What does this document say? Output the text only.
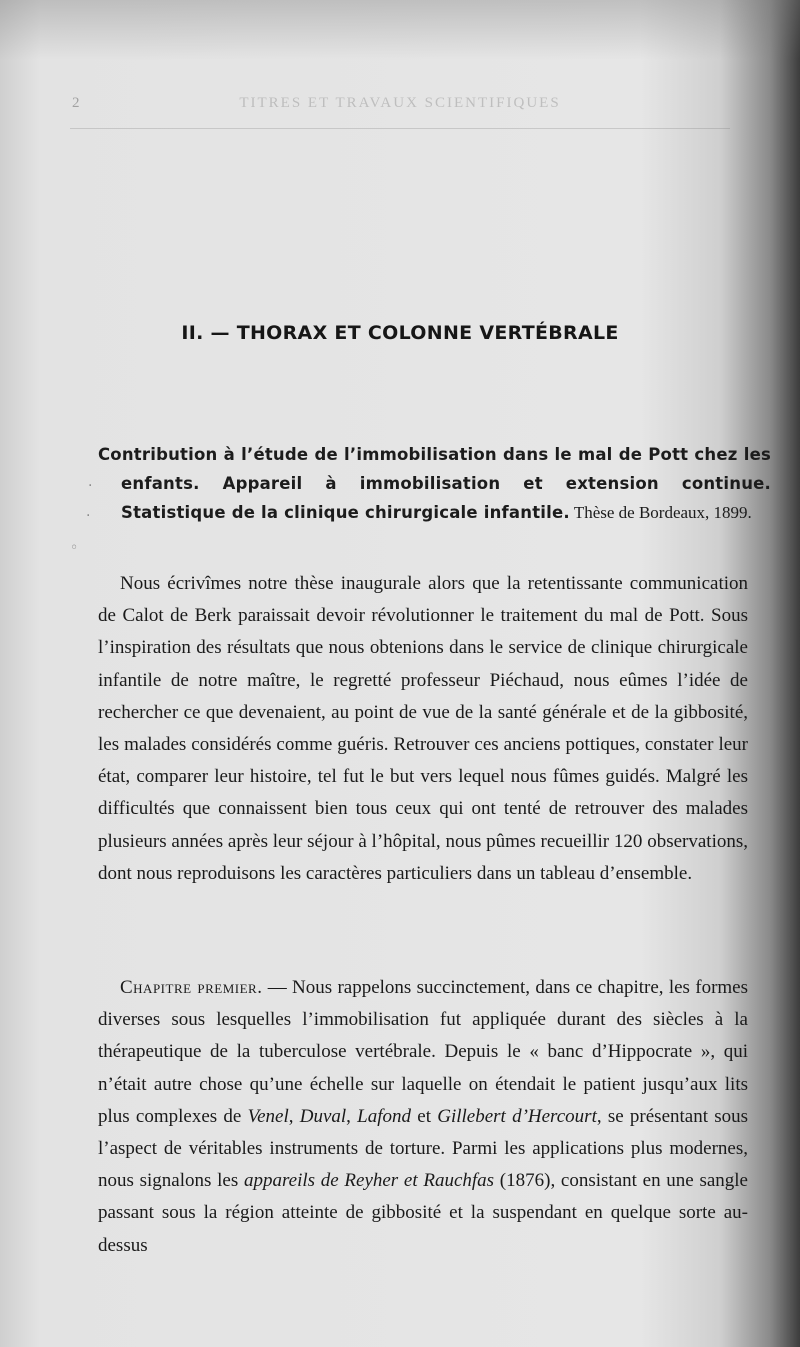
2	TITRES ET TRAVAUX SCIENTIFIQUES
II. — THORAX ET COLONNE VERTÉBRALE

Contribution à l’étude de l’immobilisation dans le mal de Pott chez les enfants. Appareil à immobilisation et extension continue. Statistique de la clinique chirurgicale infantile. Thèse de Bordeaux, 1899.

·
·
◦

Nous écrivîmes notre thèse inaugurale alors que la retentissante communication de Calot de Berk paraissait devoir révolutionner le traitement du mal de Pott. Sous l’inspiration des résultats que nous obtenions dans le service de clinique chirurgicale infantile de notre maître, le regretté professeur Piéchaud, nous eûmes l’idée de rechercher ce que devenaient, au point de vue de la santé générale et de la gibbosité, les malades considérés comme guéris. Retrouver ces anciens pottiques, constater leur état, comparer leur histoire, tel fut le but vers lequel nous fûmes guidés. Malgré les difficultés que connaissent bien tous ceux qui ont tenté de retrouver des malades plusieurs années après leur séjour à l’hôpital, nous pûmes recueillir 120 observations, dont nous reproduisons les caractères particuliers dans un tableau d’ensemble.

Chapitre premier. — Nous rappelons succinctement, dans ce chapitre, les formes diverses sous lesquelles l’immobilisation fut appliquée durant des siècles à la thérapeutique de la tuberculose vertébrale. Depuis le « banc d’Hippocrate », qui n’était autre chose qu’une échelle sur laquelle on étendait le patient jusqu’aux lits plus complexes de Venel, Duval, Lafond et Gillebert d’Hercourt, se présentant sous l’aspect de véritables instruments de torture. Parmi les applications plus modernes, nous signalons les appareils de Reyher et Rauchfas (1876), consistant en une sangle passant sous la région atteinte de gibbosité et la suspendant en quelque sorte au-dessus
